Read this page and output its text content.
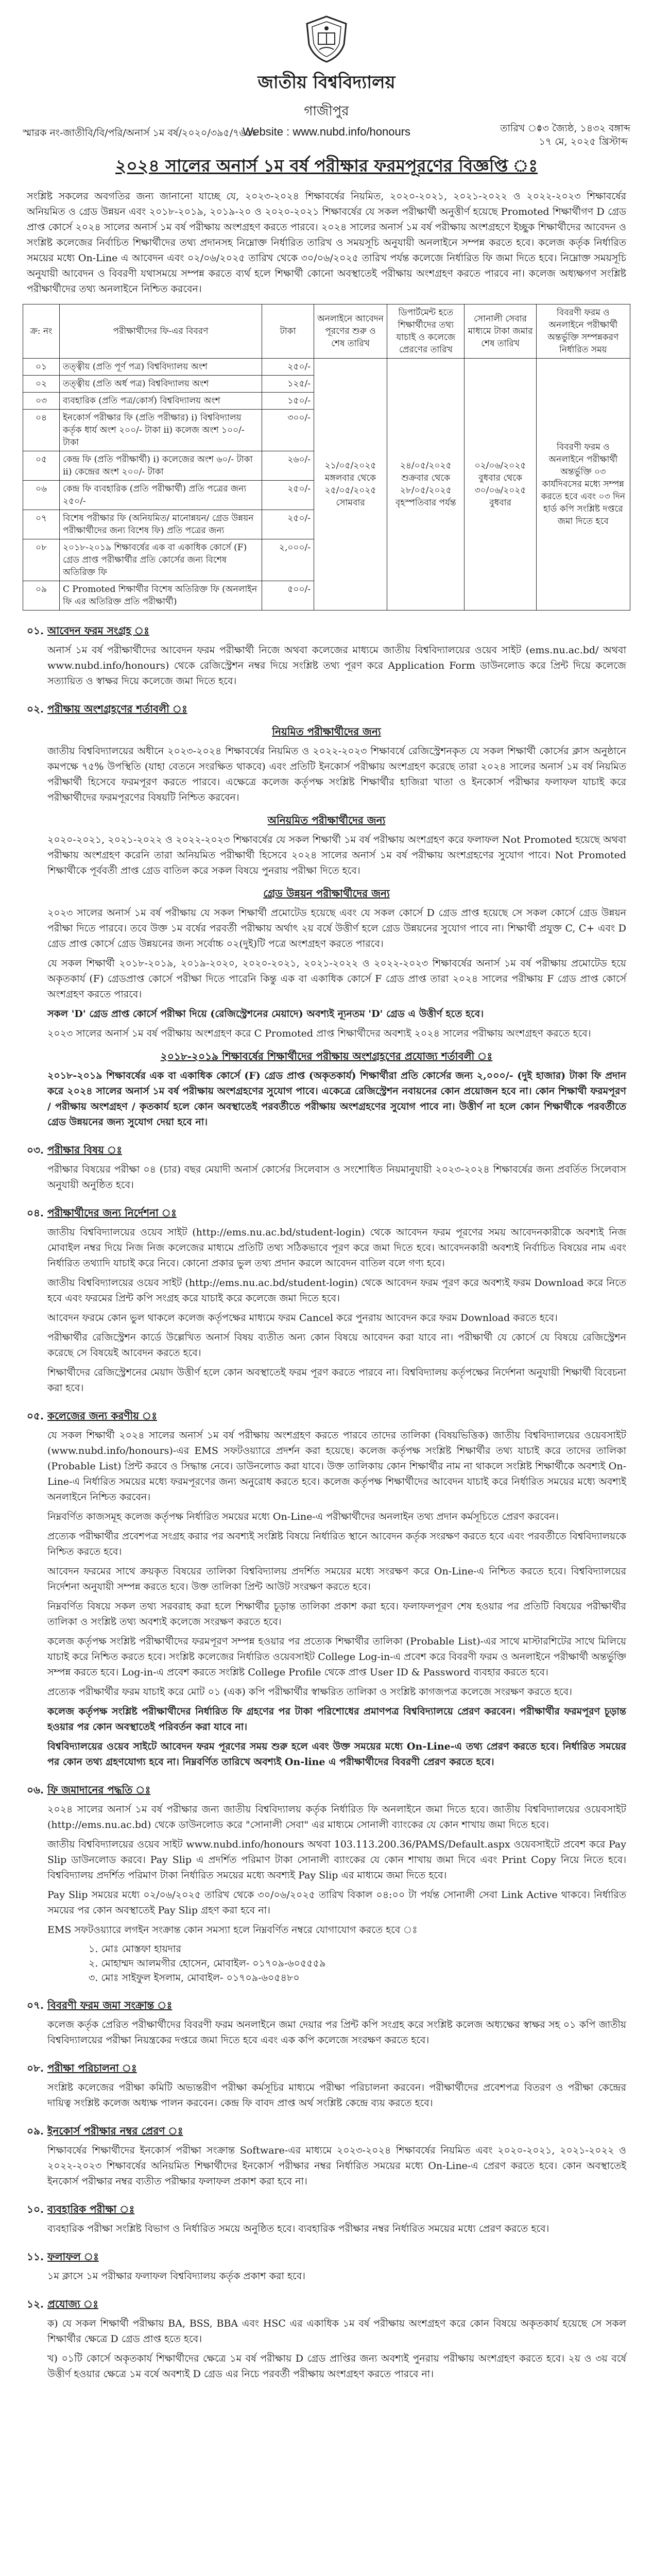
জাতীয় বিশ্ববিদ্যালয়
গাজীপুর
Website : www.nubd.info/honours
স্মারক নং-জাতীবি/বি/পরি/অনার্স ১ম বর্ষ/২০২০/৩৯৫/৭৬৫৮	তারিখ ঃ
০৩ জ্যৈষ্ঠ, ১৪৩২ বঙ্গাব্দ
১৭ মে, ২০২৫ খ্রিস্টাব্দ
২০২৪ সালের অনার্স ১ম বর্ষ পরীক্ষার ফরমপূরণের বিজ্ঞপ্তি ঃ
সংশ্লিষ্ট সকলের অবগতির জন্য জানানো যাচ্ছে যে, ২০২৩-২০২৪ শিক্ষাবর্ষের নিয়মিত, ২০২০-২০২১, ২০২১-২০২২ ও ২০২২-২০২৩ শিক্ষাবর্ষের অনিয়মিত ও গ্রেড উন্নয়ন এবং ২০১৮-২০১৯, ২০১৯-২০ ও ২০২০-২০২১ শিক্ষাবর্ষের যে সকল পরীক্ষার্থী অনুত্তীর্ণ হয়েছে Promoted শিক্ষার্থীগণ D গ্রেড প্রাপ্ত কোর্সে ২০২৪ সালের অনার্স ১ম বর্ষ পরীক্ষায় অংশগ্রহণ করতে পারবে। ২০২৪ সালের অনার্স ১ম বর্ষ পরীক্ষায় অংশগ্রহণে ইচ্ছুক শিক্ষার্থীদের আবেদন ও সংশ্লিষ্ট কলেজের নির্বাচিত শিক্ষার্থীদের তথ্য প্রদানসহ নিম্নোক্ত নির্ধারিত তারিখ ও সময়সূচি অনুযায়ী অনলাইনে সম্পন্ন করতে হবে। কলেজ কর্তৃক নির্ধারিত সময়ের মধ্যে On-Line এ আবেদন এবং ০২/০৬/২০২৫ তারিখ থেকে ৩০/০৬/২০২৫ তারিখ পর্যন্ত কলেজে নির্ধারিত ফি জমা দিতে হবে। নিম্নোক্ত সময়সূচি অনুযায়ী আবেদন ও বিবরণী যথাসময়ে সম্পন্ন করতে ব্যর্থ হলে শিক্ষার্থী কোনো অবস্থাতেই পরীক্ষায় অংশগ্রহণ করতে পারবে না। কলেজ অধ্যক্ষগণ সংশ্লিষ্ট পরীক্ষার্থীদের তথ্য অনলাইনে নিশ্চিত করবেন।
ক্র: নং	পরীক্ষার্থীদের ফি-এর বিবরণ	টাকা	অনলাইনে আবেদন পূরণের শুরু ও শেষ তারিখ	ডিপার্টমেন্ট হতে শিক্ষার্থীদের তথ্য যাচাই ও কলেজে প্রেরণের তারিখ	সোনালী সেবার মাধ্যমে টাকা জমার শেষ তারিখ	বিবরণী ফরম ও অনলাইনে পরীক্ষার্থী অন্তর্ভুক্তি সম্পন্নকরণ নির্ধারিত সময়
০১	তত্ত্বীয় (প্রতি পূর্ণ পত্র) বিশ্ববিদ্যালয় অংশ	২৫০/-	২১/০৫/২০২৫ মঙ্গলবার থেকে ২৫/০৫/২০২৫ সোমবার	২৪/০৫/২০২৫ শুক্রবার থেকে ২৮/০৫/২০২৫ বৃহস্পতিবার পর্যন্ত	০২/০৬/২০২৫ বুধবার থেকে ৩০/০৬/২০২৫ বুধবার	বিবরণী ফরম ও অনলাইনে পরীক্ষার্থী অন্তর্ভুক্তি ০৩ কার্যদিবসের মধ্যে সম্পন্ন করতে হবে এবং ০৩ দিন হার্ড কপি সংশ্লিষ্ট দপ্তরে জমা দিতে হবে
০২	তত্ত্বীয় (প্রতি অর্ধ পত্র) বিশ্ববিদ্যালয় অংশ	১২৫/-				
০৩	ব্যবহারিক (প্রতি পত্র/কোর্স) বিশ্ববিদ্যালয় অংশ	১৫০/-				
০৪	ইনকোর্স পরীক্ষার ফি (প্রতি পরীক্ষার) i) বিশ্ববিদ্যালয় কর্তৃক ধার্য অংশ ২০০/- টাকা ii) কলেজ অংশ ১০০/- টাকা	৩০০/-				
০৫	কেন্দ্র ফি (প্রতি পরীক্ষার্থী) i) কলেজের অংশ ৬০/- টাকা ii) কেন্দ্রের অংশ ২০০/- টাকা	২৬০/-				
০৬	কেন্দ্র ফি ব্যবহারিক (প্রতি পরীক্ষার্থী) প্রতি পত্রের জন্য ২৫০/-	২৫০/-				
০৭	বিশেষ পরীক্ষার ফি (অনিয়মিত/ মানোন্নয়ন/ গ্রেড উন্নয়ন পরীক্ষার্থীদের জন্য বিশেষ ফি) প্রতি পত্রের জন্য	২৫০/-				
০৮	২০১৮-২০১৯ শিক্ষাবর্ষের এক বা একাধিক কোর্সে (F) গ্রেড প্রাপ্ত পরীক্ষার্থীর প্রতি কোর্সের জন্য বিশেষ অতিরিক্ত ফি	২,০০০/-				
০৯	C Promoted শিক্ষার্থীর বিশেষ অতিরিক্ত ফি (অনলাইন ফি এর অতিরিক্ত প্রতি পরীক্ষার্থী)	৫০০/-				
০১. আবেদন ফরম সংগ্রহ ঃ
অনার্স ১ম বর্ষ পরীক্ষার্থীদের আবেদন ফরম পরীক্ষার্থী নিজে অথবা কলেজের মাধ্যমে জাতীয় বিশ্ববিদ্যালয়ের ওয়েব সাইট (ems.nu.ac.bd/ অথবা www.nubd.info/honours) থেকে রেজিস্ট্রেশন নম্বর দিয়ে সংশ্লিষ্ট তথ্য পূরণ করে Application Form ডাউনলোড করে প্রিন্ট দিয়ে কলেজে সত্যায়িত ও স্বাক্ষর দিয়ে কলেজে জমা দিতে হবে।
০২. পরীক্ষায় অংশগ্রহণের শর্তাবলী ঃ
নিয়মিত পরীক্ষার্থীদের জন্য
জাতীয় বিশ্ববিদ্যালয়ের অধীনে ২০২৩-২০২৪ শিক্ষাবর্ষের নিয়মিত ও ২০২২-২০২৩ শিক্ষাবর্ষে রেজিস্ট্রেশনকৃত যে সকল শিক্ষার্থী কোর্সের ক্লাস অনুষ্ঠানে কমপক্ষে ৭৫% উপস্থিতি (যাহা বেতনে সংরক্ষিত থাকবে) এবং প্রতিটি ইনকোর্স পরীক্ষায় অংশগ্রহণ করেছে তারা ২০২৪ সালের অনার্স ১ম বর্ষ নিয়মিত পরীক্ষার্থী হিসেবে ফরমপূরণ করতে পারবে। এক্ষেত্রে কলেজ কর্তৃপক্ষ সংশ্লিষ্ট শিক্ষার্থীর হাজিরা খাতা ও ইনকোর্স পরীক্ষার ফলাফল যাচাই করে পরীক্ষার্থীদের ফরমপূরণের বিষয়টি নিশ্চিত করবেন।
অনিয়মিত পরীক্ষার্থীদের জন্য
২০২০-২০২১, ২০২১-২০২২ ও ২০২২-২০২৩ শিক্ষাবর্ষের যে সকল শিক্ষার্থী ১ম বর্ষ পরীক্ষায় অংশগ্রহণ করে ফলাফল Not Promoted হয়েছে অথবা পরীক্ষায় অংশগ্রহণ করেনি তারা অনিয়মিত পরীক্ষার্থী হিসেবে ২০২৪ সালের অনার্স ১ম বর্ষ পরীক্ষায় অংশগ্রহণের সুযোগ পাবে। Not Promoted শিক্ষার্থীকে পূর্ববর্তী প্রাপ্ত গ্রেড বাতিল করে সকল বিষয়ে পুনরায় পরীক্ষা দিতে হবে।
গ্রেড উন্নয়ন পরীক্ষার্থীদের জন্য
২০২৩ সালের অনার্স ১ম বর্ষ পরীক্ষায় যে সকল শিক্ষার্থী প্রমোটেড হয়েছে এবং যে সকল কোর্সে D গ্রেড প্রাপ্ত হয়েছে সে সকল কোর্সে গ্রেড উন্নয়ন পরীক্ষা দিতে পারবে। তবে উক্ত ১ম বর্ষের পরবর্তী পরীক্ষায় অর্থাৎ ২য় বর্ষে উত্তীর্ণ হলে গ্রেড উন্নয়নের সুযোগ পাবে না। শিক্ষার্থী প্রযুক্ত C, C+ এবং D গ্রেড প্রাপ্ত কোর্সে গ্রেড উন্নয়নের জন্য সর্বোচ্চ ০২(দুই)টি পত্রে অংশগ্রহণ করতে পারবে।
যে সকল শিক্ষার্থী ২০১৮-২০১৯, ২০১৯-২০২০, ২০২০-২০২১, ২০২১-২০২২ ও ২০২২-২০২৩ শিক্ষাবর্ষের অনার্স ১ম বর্ষ পরীক্ষায় প্রমোটেড হয়ে অকৃতকার্য (F) গ্রেডপ্রাপ্ত কোর্সে পরীক্ষা দিতে পারেনি কিন্তু এক বা একাধিক কোর্সে F গ্রেড প্রাপ্ত তারা ২০২৪ সালের পরীক্ষায় F গ্রেড প্রাপ্ত কোর্সে অংশগ্রহণ করতে পারবে।
সকল 'D' গ্রেড প্রাপ্ত কোর্সে পরীক্ষা দিয়ে (রেজিস্ট্রেশনের মেয়াদে) অবশ্যই ন্যূনতম 'D' গ্রেড এ উত্তীর্ণ হতে হবে।
২০২৩ সালের অনার্স ১ম বর্ষ পরীক্ষায় অংশগ্রহণ করে C Promoted প্রাপ্ত শিক্ষার্থীদের অবশ্যই ২০২৪ সালের পরীক্ষায় অংশগ্রহণ করতে হবে।
২০১৮-২০১৯ শিক্ষাবর্ষের শিক্ষার্থীদের পরীক্ষায় অংশগ্রহণের প্রযোজ্য শর্তাবলী ঃ
২০১৮-২০১৯ শিক্ষাবর্ষের এক বা একাধিক কোর্সে (F) গ্রেড প্রাপ্ত (অকৃতকার্য) শিক্ষার্থীরা প্রতি কোর্সের জন্য ২,০০০/- (দুই হাজার) টাকা ফি প্রদান করে ২০২৪ সালের অনার্স ১ম বর্ষ পরীক্ষায় অংশগ্রহণের সুযোগ পাবে। একেত্রে রেজিস্ট্রেশন নবায়নের কোন প্রয়োজন হবে না। কোন শিক্ষার্থী ফরমপূরণ / পরীক্ষায় অংশগ্রহণ / কৃতকার্য হলে কোন অবস্থাতেই পরবর্তীতে পরীক্ষায় অংশগ্রহণের সুযোগ পাবে না। উত্তীর্ণ না হলে কোন শিক্ষার্থীকে পরবর্তীতে গ্রেড উন্নয়নের জন্য সুযোগ দেয়া হবে না।
০৩. পরীক্ষার বিষয় ঃ
পরীক্ষার বিষয়ের পরীক্ষা ০৪ (চার) বছর মেয়াদী অনার্স কোর্সের সিলেবাস ও সংশোধিত নিয়মানুযায়ী ২০২৩-২০২৪ শিক্ষাবর্ষের জন্য প্রবর্তিত সিলেবাস অনুযায়ী অনুষ্ঠিত হবে।
০৪. পরীক্ষার্থীদের জন্য নির্দেশনা ঃ
জাতীয় বিশ্ববিদ্যালয়ের ওয়েব সাইট (http://ems.nu.ac.bd/student-login) থেকে আবেদন ফরম পূরণের সময় আবেদনকারীকে অবশ্যই নিজ মোবাইল নম্বর দিয়ে নিজ নিজ কলেজের মাধ্যমে প্রতিটি তথ্য সঠিকভাবে পূরণ করে জমা দিতে হবে। আবেদনকারী অবশ্যই নির্বাচিত বিষয়ের নাম এবং নির্ধারিত তথ্যাদি যাচাই করে নিবে। কোনো প্রকার ভুল তথ্য প্রদান করলে আবেদন বাতিল বলে গণ্য হবে।
জাতীয় বিশ্ববিদ্যালয়ের ওয়েব সাইট (http://ems.nu.ac.bd/student-login) থেকে আবেদন ফরম পূরণ করে অবশ্যই ফরম Download করে নিতে হবে এবং ফরমের প্রিন্ট কপি সংগ্রহ করে যাচাই করে কলেজে জমা দিতে হবে।
আবেদন ফরমে কোন ভুল থাকলে কলেজ কর্তৃপক্ষের মাধ্যমে ফরম Cancel করে পুনরায় আবেদন করে ফরম Download করতে হবে।
পরীক্ষার্থীর রেজিস্ট্রেশন কার্ডে উল্লেখিত অনার্স বিষয় ব্যতীত অন্য কোন বিষয়ে আবেদন করা যাবে না। পরীক্ষার্থী যে কোর্সে যে বিষয়ে রেজিস্ট্রেশন করেছে সে বিষয়েই আবেদন করতে হবে।
শিক্ষার্থীদের রেজিস্ট্রেশনের মেয়াদ উত্তীর্ণ হলে কোন অবস্থাতেই ফরম পূরণ করতে পারবে না। বিশ্ববিদ্যালয় কর্তৃপক্ষের নির্দেশনা অনুযায়ী শিক্ষার্থী বিবেচনা করা হবে।
০৫. কলেজের জন্য করণীয় ঃ
যে সকল শিক্ষার্থী ২০২৪ সালের অনার্স ১ম বর্ষ পরীক্ষায় অংশগ্রহণ করতে পারবে তাদের তালিকা (বিষয়ভিত্তিক) জাতীয় বিশ্ববিদ্যালয়ের ওয়েবসাইট (www.nubd.info/honours)-এর EMS সফটওয়্যারে প্রদর্শন করা হয়েছে। কলেজ কর্তৃপক্ষ সংশ্লিষ্ট শিক্ষার্থীর তথ্য যাচাই করে তাদের তালিকা (Probable List) প্রিন্ট করবে ও সিদ্ধান্ত নেবে। ডাউনলোড করা যাবে। উক্ত তালিকায় কোন শিক্ষার্থীর নাম না থাকলে সংশ্লিষ্ট শিক্ষার্থীকে অবশ্যই On-Line-এ নির্ধারিত সময়ের মধ্যে ফরমপূরণের জন্য অনুরোধ করতে হবে। কলেজ কর্তৃপক্ষ শিক্ষার্থীদের আবেদন যাচাই করে নির্ধারিত সময়ের মধ্যে অবশ্যই অনলাইনে নিশ্চিত করবেন।
নিম্নবর্ণিত কাজসমূহ কলেজ কর্তৃপক্ষ নির্ধারিত সময়ের মধ্যে On-Line-এ পরীক্ষার্থীদের অনলাইন তথ্য প্রদান কর্মসূচিতে প্রেরণ করবেন।
প্রত্যেক পরীক্ষার্থীর প্রবেশপত্র সংগ্রহ করার পর অবশ্যই সংশ্লিষ্ট বিষয়ে নির্ধারিত স্থানে আবেদন কর্তৃক সংরক্ষণ করতে হবে এবং পরবর্তীতে বিশ্ববিদ্যালয়কে নিশ্চিত করতে হবে।
আবেদন ফরমের সাথে ক্রয়কৃত বিষয়ের তালিকা বিশ্ববিদ্যালয় প্রদর্শিত সময়ের মধ্যে সংরক্ষণ করে On-Line-এ নিশ্চিত করতে হবে। বিশ্ববিদ্যালয়ের নির্দেশনা অনুযায়ী সম্পন্ন করতে হবে। উক্ত তালিকা প্রিন্ট আউট সংরক্ষণ করতে হবে।
নিম্নবর্ণিত বিষয়ে সকল তথ্য সরবরাহ করা হলে শিক্ষার্থীর চূড়ান্ত তালিকা প্রকাশ করা হবে। ফলাফলপূরণ শেষ হওয়ার পর প্রতিটি বিষয়ের পরীক্ষার্থীর তালিকা ও সংশ্লিষ্ট তথ্য অবশ্যই কলেজে সংরক্ষণ করতে হবে।
কলেজ কর্তৃপক্ষ সংশ্লিষ্ট পরীক্ষার্থীদের ফরমপূরণ সম্পন্ন হওয়ার পর প্রত্যেক শিক্ষার্থীর তালিকা (Probable List)-এর সাথে মাস্টারশিটের সাথে মিলিয়ে যাচাই করে নিশ্চিত করতে হবে। সংশ্লিষ্ট কলেজের নির্ধারিত ওয়েবসাইট College Log-in-এ প্রবেশ করে বিবরণী ফরম ও অনলাইনে পরীক্ষার্থী অন্তর্ভুক্তি সম্পন্ন করতে হবে। Log-in-এ প্রবেশ করতে সংশ্লিষ্ট College Profile থেকে প্রাপ্ত User ID & Password ব্যবহার করতে হবে।
প্রত্যেক পরীক্ষার্থীর ফরম যাচাই করে মোট ০১ (এক) কপি পরীক্ষার্থীর স্বাক্ষরিত তালিকা ও সংশ্লিষ্ট কাগজপত্র কলেজে সংরক্ষণ করতে হবে।
কলেজ কর্তৃপক্ষ সংশ্লিষ্ট পরীক্ষার্থীদের নির্ধারিত ফি গ্রহণের পর টাকা পরিশোধের প্রমাণপত্র বিশ্ববিদ্যালয়ে প্রেরণ করবেন। পরীক্ষার্থীর ফরমপূরণ চূড়ান্ত হওয়ার পর কোন অবস্থাতেই পরিবর্তন করা যাবে না।
বিশ্ববিদ্যালয়ের ওয়েব সাইটে আবেদন ফরম পূরণের সময় শুরু হলে এবং উক্ত সময়ের মধ্যে On-Line-এ তথ্য প্রেরণ করতে হবে। নির্ধারিত সময়ের পর কোন তথ্য গ্রহণযোগ্য হবে না। নিম্নবর্ণিত তারিখে অবশ্যই On-line এ পরীক্ষার্থীদের বিবরণী প্রেরণ করতে হবে।
০৬. ফি জমাদানের পদ্ধতি ঃ
২০২৪ সালের অনার্স ১ম বর্ষ পরীক্ষার জন্য জাতীয় বিশ্ববিদ্যালয় কর্তৃক নির্ধারিত ফি অনলাইনে জমা দিতে হবে। জাতীয় বিশ্ববিদ্যালয়ের ওয়েবসাইট (http://ems.nu.ac.bd) থেকে ডাউনলোড করে "সোনালী সেবা" এর মাধ্যমে সোনালী ব্যাংকের যে কোন শাখায় জমা দিতে হবে।
জাতীয় বিশ্ববিদ্যালয়ের ওয়েব সাইট www.nubd.info/honours অথবা 103.113.200.36/PAMS/Default.aspx ওয়েবসাইটে প্রবেশ করে Pay Slip ডাউনলোড করবে। Pay Slip এ প্রদর্শিত পরিমাণ টাকা সোনালী ব্যাংকের যে কোন শাখায় জমা দিবে এবং Print Copy নিয়ে নিতে হবে। বিশ্ববিদ্যালয় প্রদর্শিত পরিমাণ টাকা নির্ধারিত সময়ের মধ্যে অবশ্যই Pay Slip এর মাধ্যমে জমা দিতে হবে।
Pay Slip সময়ের মধ্যে ০২/০৬/২০২৫ তারিখ থেকে ৩০/০৬/২০২৫ তারিখ বিকাল ০৪:০০ টা পর্যন্ত সোনালী সেবা Link Active থাকবে। নির্ধারিত সময়ের পর কোন অবস্থাতেই Pay Slip গ্রহণ করা হবে না।
EMS সফটওয়্যারে লগইন সংক্রান্ত কোন সমস্যা হলে নিম্নবর্ণিত নম্বরে যোগাযোগ করতে হবে ঃ
১. মোঃ মোস্তফা হায়দার
২. মোহাম্মদ আলমগীর হোসেন, মোবাইল- ০১৭০৯-৬০৫৫৫৯
৩. মোঃ সাইফুল ইসলাম, মোবাইল- ০১৭০৯-৬০৫৪৮০
০৭. বিবরণী ফরম জমা সংক্রান্ত ঃ
কলেজ কর্তৃক প্রেরিত পরীক্ষার্থীদের বিবরণী ফরম অনলাইনে জমা দেয়ার পর প্রিন্ট কপি সংগ্রহ করে সংশ্লিষ্ট কলেজ অধ্যক্ষের স্বাক্ষর সহ ০১ কপি জাতীয় বিশ্ববিদ্যালয়ের পরীক্ষা নিয়ন্ত্রকের দপ্তরে জমা দিতে হবে এবং এক কপি কলেজে সংরক্ষণ করতে হবে।
০৮. পরীক্ষা পরিচালনা ঃ
সংশ্লিষ্ট কলেজের পরীক্ষা কমিটি অভ্যন্তরীণ পরীক্ষা কর্মসূচির মাধ্যমে পরীক্ষা পরিচালনা করবেন। পরীক্ষার্থীদের প্রবেশপত্র বিতরণ ও পরীক্ষা কেন্দ্রের দায়িত্ব সংশ্লিষ্ট কলেজ অধ্যক্ষ পালন করবেন। কেন্দ্র ফি বাবদ প্রাপ্ত অর্থ সংশ্লিষ্ট কেন্দ্রে ব্যয় করতে হবে।
০৯. ইনকোর্স পরীক্ষার নম্বর প্রেরণ ঃ
শিক্ষাবর্ষের শিক্ষার্থীদের ইনকোর্স পরীক্ষা সংক্রান্ত Software-এর মাধ্যমে ২০২৩-২০২৪ শিক্ষাবর্ষের নিয়মিত এবং ২০২০-২০২১, ২০২১-২০২২ ও ২০২২-২০২৩ শিক্ষাবর্ষের অনিয়মিত শিক্ষার্থীদের ইনকোর্স পরীক্ষার নম্বর নির্ধারিত সময়ের মধ্যে On-Line-এ প্রেরণ করতে হবে। কোন অবস্থাতেই ইনকোর্স পরীক্ষার নম্বর ব্যতীত পরীক্ষার ফলাফল প্রকাশ করা হবে না।
১০. ব্যবহারিক পরীক্ষা ঃ
ব্যবহারিক পরীক্ষা সংশ্লিষ্ট বিভাগ ও নির্ধারিত সময়ে অনুষ্ঠিত হবে। ব্যবহারিক পরীক্ষার নম্বর নির্ধারিত সময়ের মধ্যে প্রেরণ করতে হবে।
১১. ফলাফল ঃ
১ম ক্লাসে ১ম পরীক্ষার ফলাফল বিশ্ববিদ্যালয় কর্তৃক প্রকাশ করা হবে।
১২. প্রযোজ্য ঃ
ক) যে সকল শিক্ষার্থী পরীক্ষায় BA, BSS, BBA এবং HSC এর একাধিক ১ম বর্ষ পরীক্ষায় অংশগ্রহণ করে কোন বিষয়ে অকৃতকার্য হয়েছে সে সকল শিক্ষার্থীর ক্ষেত্রে D গ্রেড প্রাপ্ত হতে হবে।
খ) ০১টি কোর্সে অকৃতকার্য শিক্ষার্থীদের ক্ষেত্রে ১ম বর্ষ পরীক্ষায় D গ্রেড প্রাপ্তির জন্য অবশ্যই পুনরায় পরীক্ষায় অংশগ্রহণ করতে হবে। ২য় ও ৩য় বর্ষে উত্তীর্ণ হওয়ার ক্ষেত্রে ১ম বর্ষে অবশ্যই D গ্রেড এর নিচে পরবর্তী পরীক্ষায় অংশগ্রহণ করতে পারবে না।
